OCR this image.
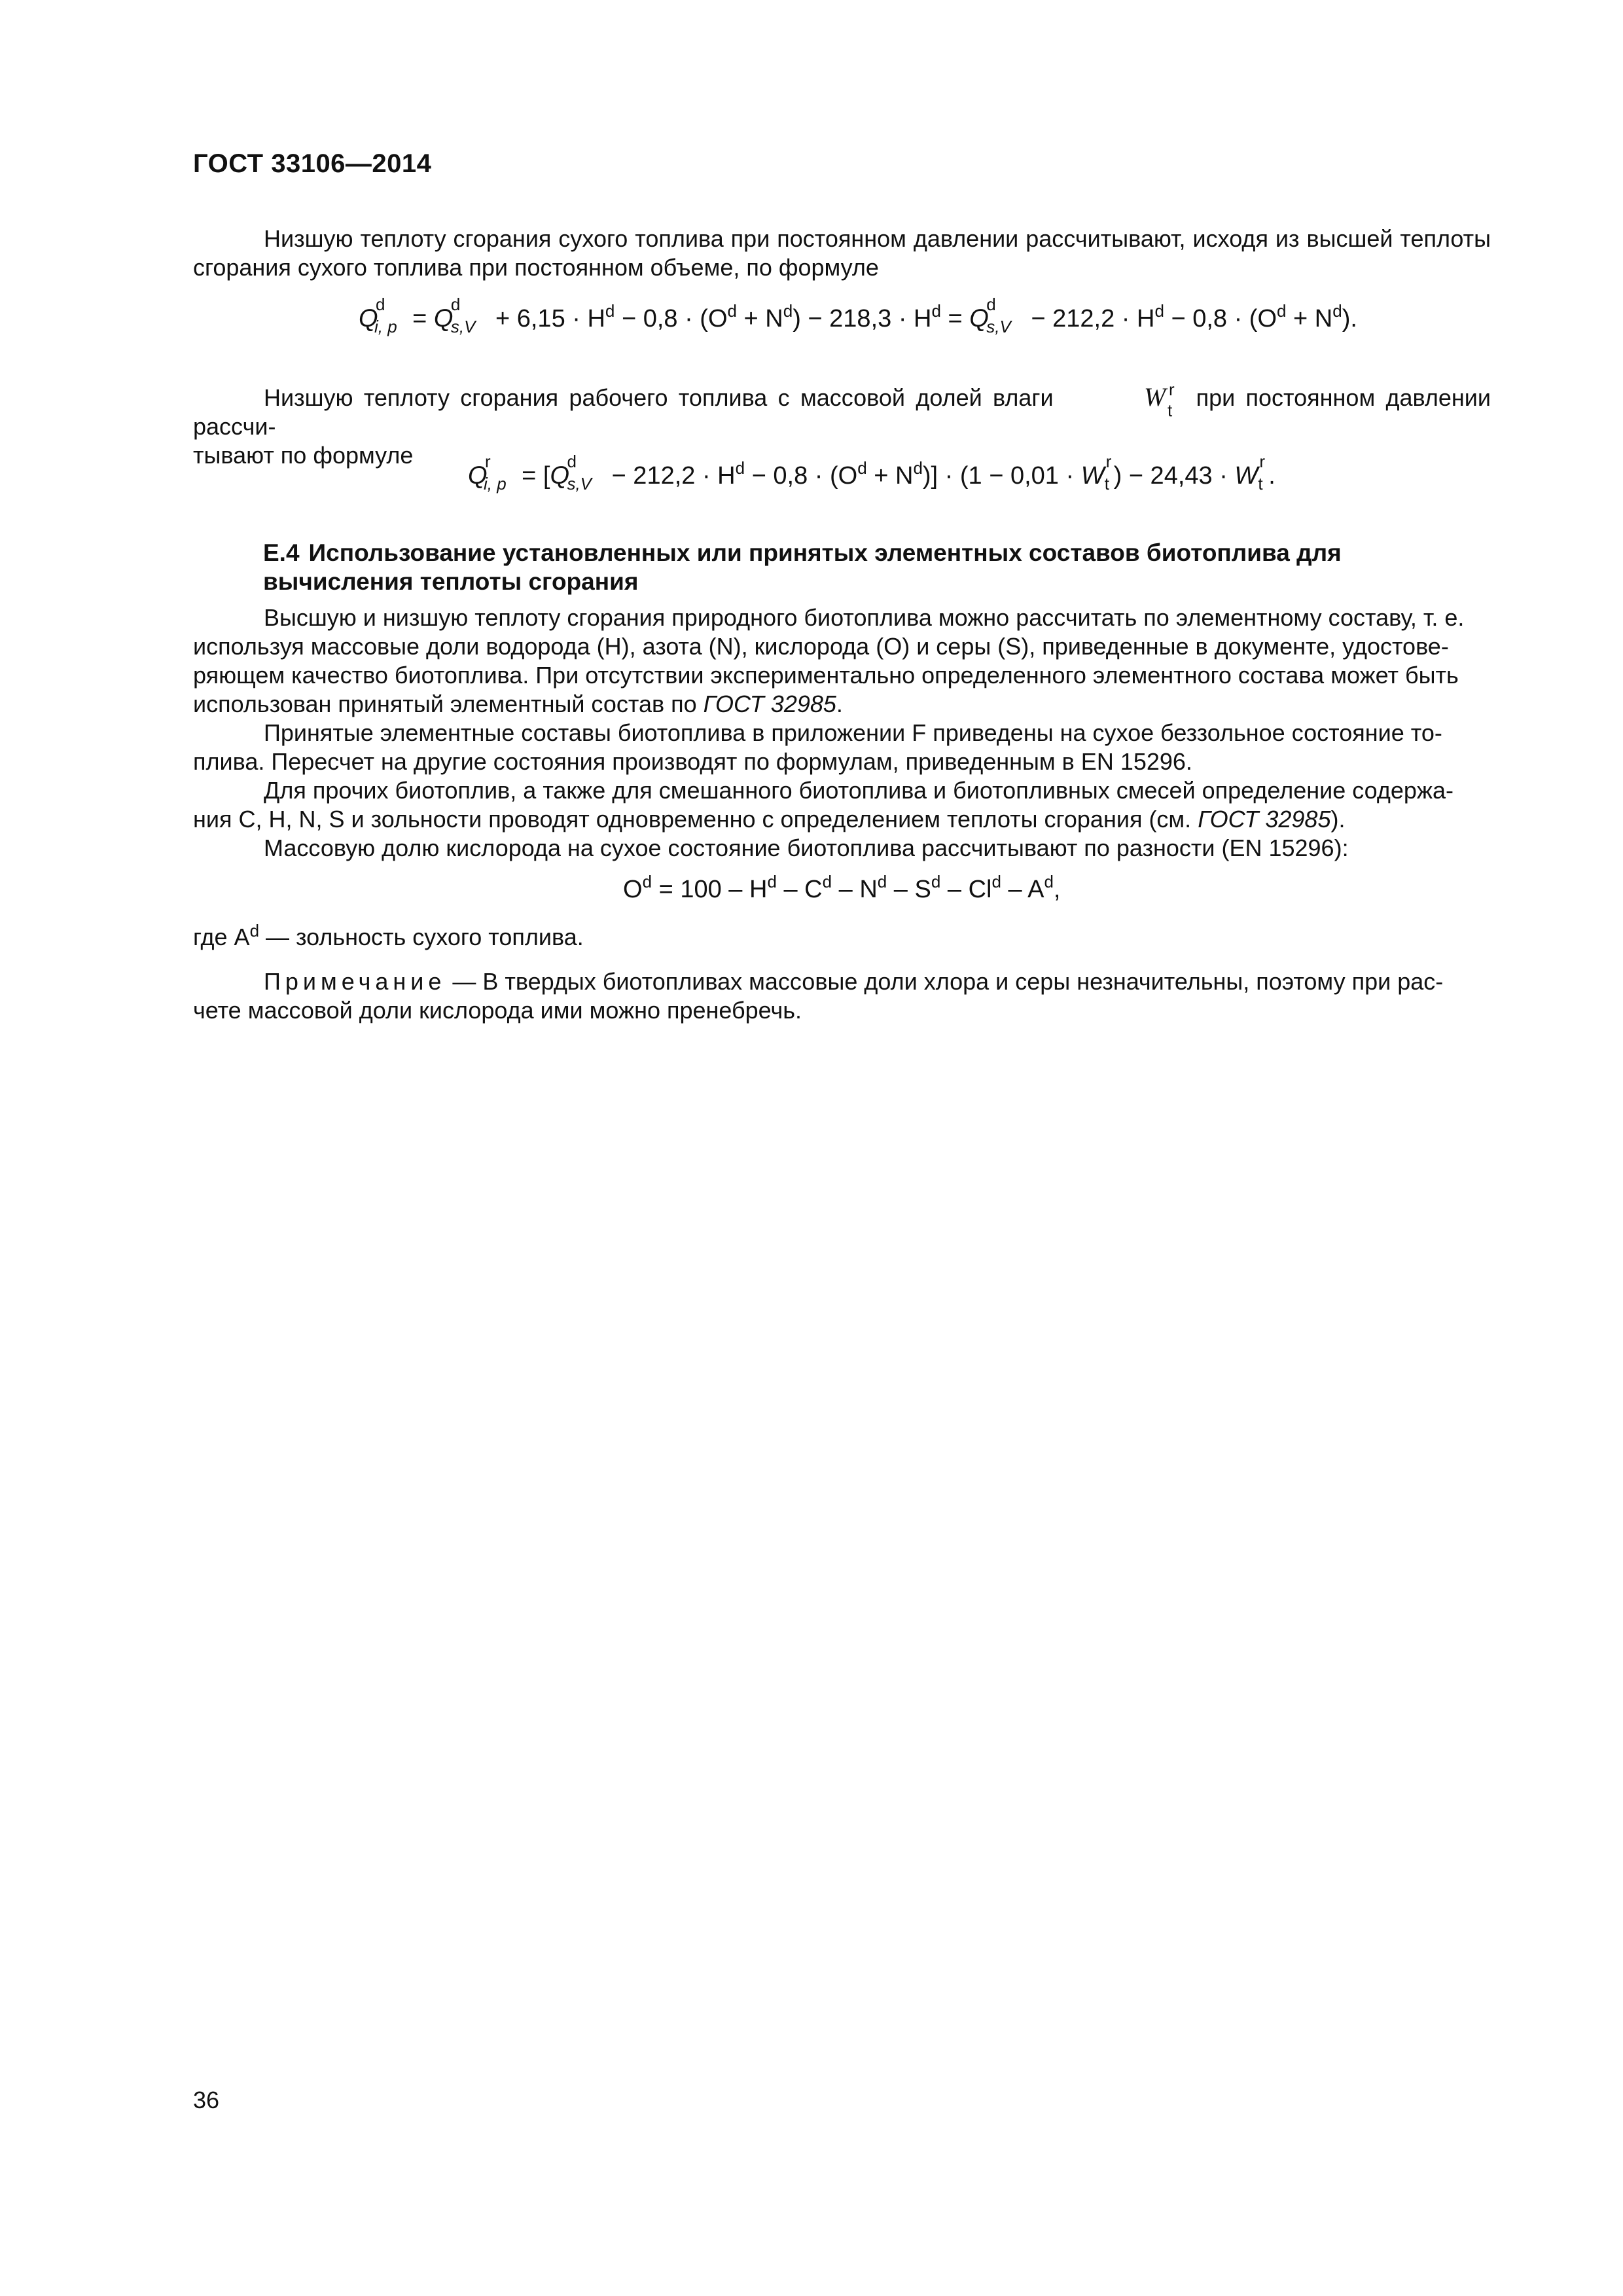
ГОСТ 33106—2014
Низшую теплоту сгорания сухого топлива при постоянном давлении рассчитывают, исходя из высшей теплоты сгорания сухого топлива при постоянном объеме, по формуле
Q
d
i, p = Q
d
$s,V + 6,15 \cdot H^d - 0,8 \cdot (O^d + N^d) - 218,3 \cdot H^d = Q$
d
$s,V - 212,2 \cdot H^d - 0,8 \cdot (O^d + N^d)$.
Низшую теплоту сгорания рабочего топлива с массовой долей влаги	W r
t при постоянном давлении рассчи-
тывают по формуле
Q
r
i, p = [Q
d
$s,V - 212,2 \cdot H^d - 0,8 \cdot (O^d + N^d)] \cdot (1 - 0,01 \cdot W$
r
t ) − 24,43 · W
r
t .
Е.4 Использование установленных или принятых элементных составов биотоплива для
вычисления теплоты сгорания
Высшую и низшую теплоту сгорания природного биотоплива можно рассчитать по элементному составу, т. е.
используя массовые доли водорода (H), азота (N), кислорода (O) и серы (S), приведенные в документе, удостове-
ряющем качество биотоплива. При отсутствии экспериментально определенного элементного состава может быть
использован принятый элементный состав по ГОСТ 32985.
Принятые элементные составы биотоплива в приложении F приведены на сухое беззольное состояние то-
плива. Пересчет на другие состояния производят по формулам, приведенным в EN 15296.
Для прочих биотоплив, а также для смешанного биотоплива и биотопливных смесей определение содержа-
ния C, H, N, S и зольности проводят одновременно с определением теплоты сгорания (см. ГОСТ 32985).
Массовую долю кислорода на сухое состояние биотоплива рассчитывают по разности (EN 15296):
$O^d = 100 - H^d - C^d - N^d - S^d - Cl^d - A^d$,
где $A^d$ — зольность сухого топлива.
Примечание — В твердых биотопливах массовые доли хлора и серы незначительны, поэтому при рас-
чете массовой доли кислорода ими можно пренебречь.
36
